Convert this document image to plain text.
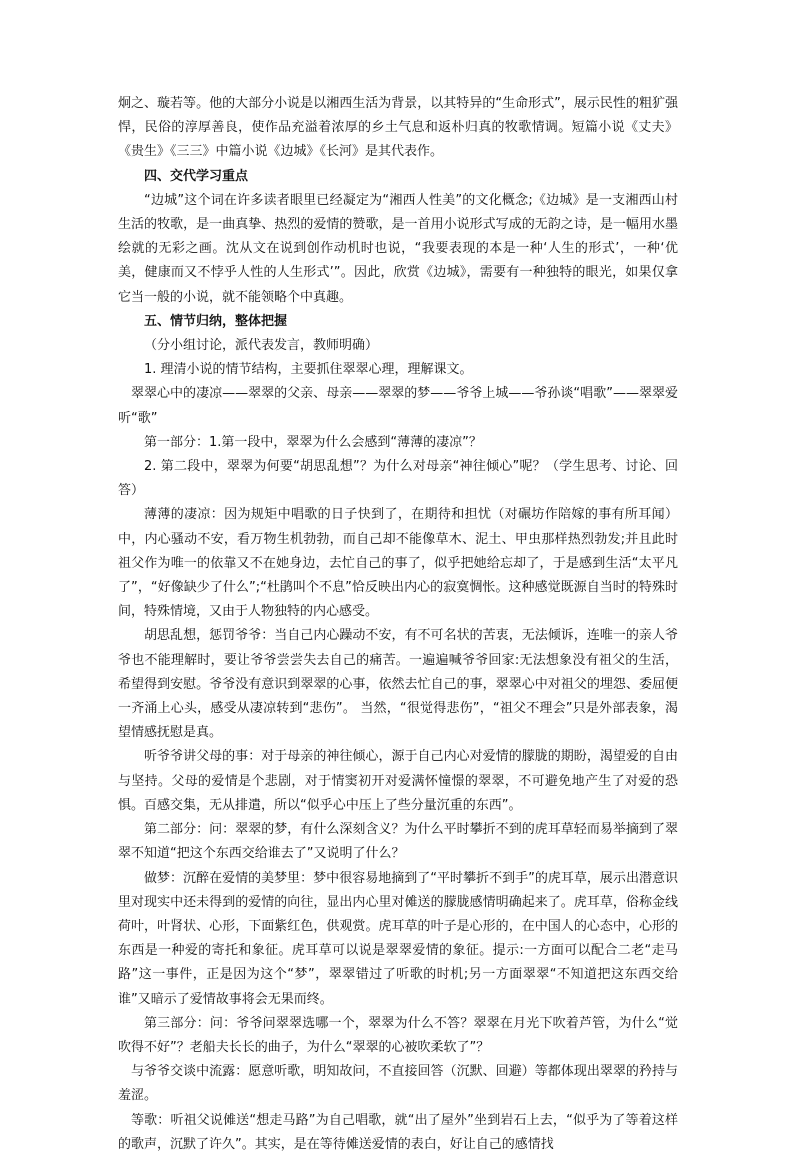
炯之、璇若等。他的大部分小说是以湘西生活为背景，以其特异的“生命形式”，展示民性的粗犷强悍，民俗的淳厚善良，使作品充溢着浓厚的乡土气息和返朴归真的牧歌情调。短篇小说《丈夫》《贵生》《三三》中篇小说《边城》《长河》是其代表作。

四、交代学习重点

“边城”这个词在许多读者眼里已经凝定为“湘西人性美”的文化概念;《边城》是一支湘西山村生活的牧歌，是一曲真挚、热烈的爱情的赞歌，是一首用小说形式写成的无韵之诗，是一幅用水墨绘就的无彩之画。沈从文在说到创作动机时也说，“我要表现的本是一种‘人生的形式’，一种‘优美，健康而又不悖乎人性的人生形式’”。因此，欣赏《边城》，需要有一种独特的眼光，如果仅拿它当一般的小说，就不能领略个中真趣。

五、情节归纳，整体把握

（分小组讨论，派代表发言，教师明确）

1. 理清小说的情节结构，主要抓住翠翠心理，理解课文。

翠翠心中的凄凉——翠翠的父亲、母亲——翠翠的梦——爷爷上城——爷孙谈“唱歌”——翠翠爱听“歌”

第一部分：1.第一段中，翠翠为什么会感到“薄薄的凄凉”？

2. 第二段中，翠翠为何要“胡思乱想”？为什么对母亲“神往倾心”呢？（学生思考、讨论、回答）

薄薄的凄凉：因为规矩中唱歌的日子快到了，在期待和担忧（对碾坊作陪嫁的事有所耳闻）中，内心骚动不安，看万物生机勃勃，而自己却不能像草木、泥土、甲虫那样热烈勃发;并且此时祖父作为唯一的依靠又不在她身边，去忙自己的事了，似乎把她给忘却了，于是感到生活“太平凡了”，“好像缺少了什么”;“杜鹃叫个不息”恰反映出内心的寂寞惆怅。这种感觉既源自当时的特殊时间，特殊情境，又由于人物独特的内心感受。

胡思乱想，惩罚爷爷：当自己内心躁动不安，有不可名状的苦衷，无法倾诉，连唯一的亲人爷爷也不能理解时，要让爷爷尝尝失去自己的痛苦。一遍遍喊爷爷回家:无法想象没有祖父的生活，希望得到安慰。爷爷没有意识到翠翠的心事，依然去忙自己的事，翠翠心中对祖父的埋怨、委屈便一齐涌上心头，感受从凄凉转到“悲伤”。 当然，“很觉得悲伤”，“祖父不理会”只是外部表象，渴望情感抚慰是真。

听爷爷讲父母的事：对于母亲的神往倾心，源于自己内心对爱情的朦胧的期盼，渴望爱的自由与坚持。父母的爱情是个悲剧，对于情窦初开对爱满怀憧憬的翠翠，不可避免地产生了对爱的恐惧。百感交集，无从排遣，所以“似乎心中压上了些分量沉重的东西”。

第二部分：问：翠翠的梦，有什么深刻含义？为什么平时攀折不到的虎耳草轻而易举摘到了翠翠不知道“把这个东西交给谁去了”又说明了什么？

做梦：沉醉在爱情的美梦里：梦中很容易地摘到了“平时攀折不到手”的虎耳草，展示出潜意识里对现实中还未得到的爱情的向往，显出内心里对傩送的朦胧感情明确起来了。虎耳草，俗称金线荷叶，叶肾状、心形，下面紫红色，供观赏。虎耳草的叶子是心形的，在中国人的心态中，心形的东西是一种爱的寄托和象征。虎耳草可以说是翠翠爱情的象征。提示:一方面可以配合二老“走马路”这一事件，正是因为这个“梦”，翠翠错过了听歌的时机;另一方面翠翠“不知道把这东西交给谁”又暗示了爱情故事将会无果而终。

第三部分：问：爷爷问翠翠选哪一个，翠翠为什么不答？翠翠在月光下吹着芦管，为什么“觉吹得不好”？老船夫长长的曲子，为什么“翠翠的心被吹柔软了”？

与爷爷交谈中流露：愿意听歌，明知故问，不直接回答（沉默、回避）等都体现出翠翠的矜持与羞涩。

等歌：听祖父说傩送“想走马路”为自己唱歌，就“出了屋外”坐到岩石上去，“似乎为了等着这样的歌声，沉默了许久”。其实，是在等待傩送爱情的表白，好让自己的感情找
